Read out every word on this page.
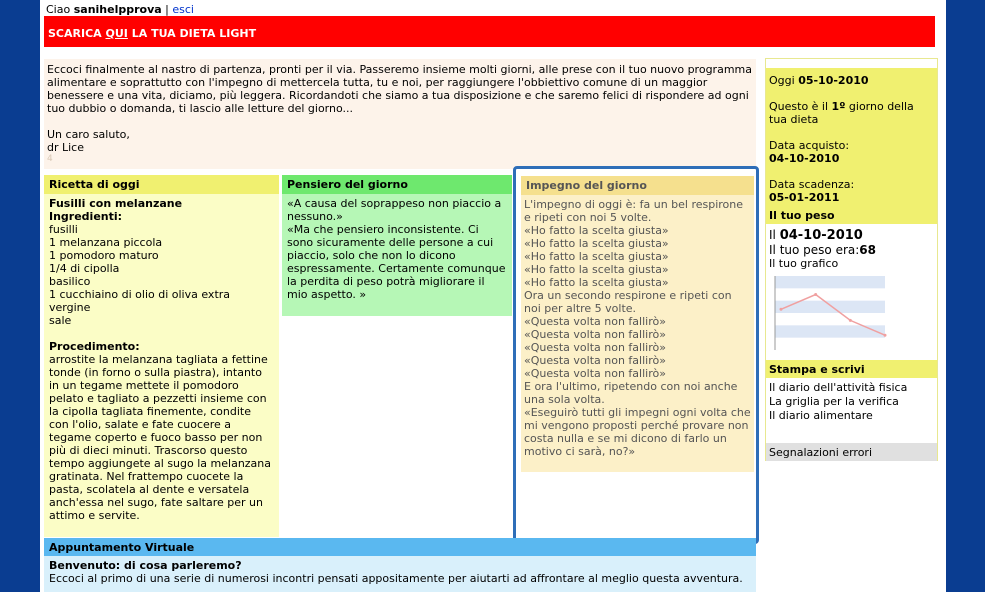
Ciao sanihelpprova | esci
SCARICA QUI LA TUA DIETA LIGHT

Eccoci finalmente al nastro di partenza, pronti per il via. Passeremo insieme molti giorni, alle prese con il tuo nuovo programma alimentare e soprattutto con l'impegno di mettercela tutta, tu e noi, per raggiungere l'obbiettivo comune di un maggior benessere e una vita, diciamo, più leggera. Ricordandoti che siamo a tua disposizione e che saremo felici di rispondere ad ogni tuo dubbio o domanda, ti lascio alle letture del giorno...

Un caro saluto,

dr Lice

4

Ricetta di oggi
Fusilli con melanzane
Ingredienti:
fusilli
1 melanzana piccola
1 pomodoro maturo
1/4 di cipolla
basilico
1 cucchiaino di olio di oliva extra vergine
sale
Procedimento:
arrostite la melanzana tagliata a fettine tonde (in forno o sulla piastra), intanto in un tegame mettete il pomodoro pelato e tagliato a pezzetti insieme con la cipolla tagliata finemente, condite con l'olio, salate e fate cuocere a tegame coperto e fuoco basso per non più di dieci minuti. Trascorso questo tempo aggiungete al sugo la melanzana gratinata. Nel frattempo cuocete la pasta, scolatela al dente e versatela anch'essa nel sugo, fate saltare per un attimo e servite.
Pensiero del giorno
«A causa del soprappeso non piaccio a nessuno.»
«Ma che pensiero inconsistente. Ci sono sicuramente delle persone a cui piaccio, solo che non lo dicono espressamente. Certamente comunque la perdita di peso potrà migliorare il mio aspetto. »
Impegno del giorno
L'impegno di oggi è: fa un bel respirone e ripeti con noi 5 volte.
«Ho fatto la scelta giusta»
«Ho fatto la scelta giusta»
«Ho fatto la scelta giusta»
«Ho fatto la scelta giusta»
«Ho fatto la scelta giusta»
Ora un secondo respirone e ripeti con noi per altre 5 volte.
«Questa volta non fallirò»
«Questa volta non fallirò»
«Questa volta non fallirò»
«Questa volta non fallirò»
«Questa volta non fallirò»
E ora l'ultimo, ripetendo con noi anche una sola volta.
«Eseguirò tutti gli impegni ogni volta che mi vengono proposti perché provare non costa nulla e se mi dicono di farlo un motivo ci sarà, no?»
Appuntamento Virtuale
Benvenuto: di cosa parleremo?
Eccoci al primo di una serie di numerosi incontri pensati appositamente per aiutarti ad affrontare al meglio questa avventura.

Oggi 05-10-2010

Questo è il 1º giorno della tua dieta

Data acquisto:
04-10-2010
Data scadenza:
05-01-2011
Il tuo peso
Il 04-10-2010
Il tuo peso era:68
Il tuo grafico
Stampa e scrivi
Il diario dell'attività fisica
La griglia per la verifica
Il diario alimentare
Segnalazioni errori
